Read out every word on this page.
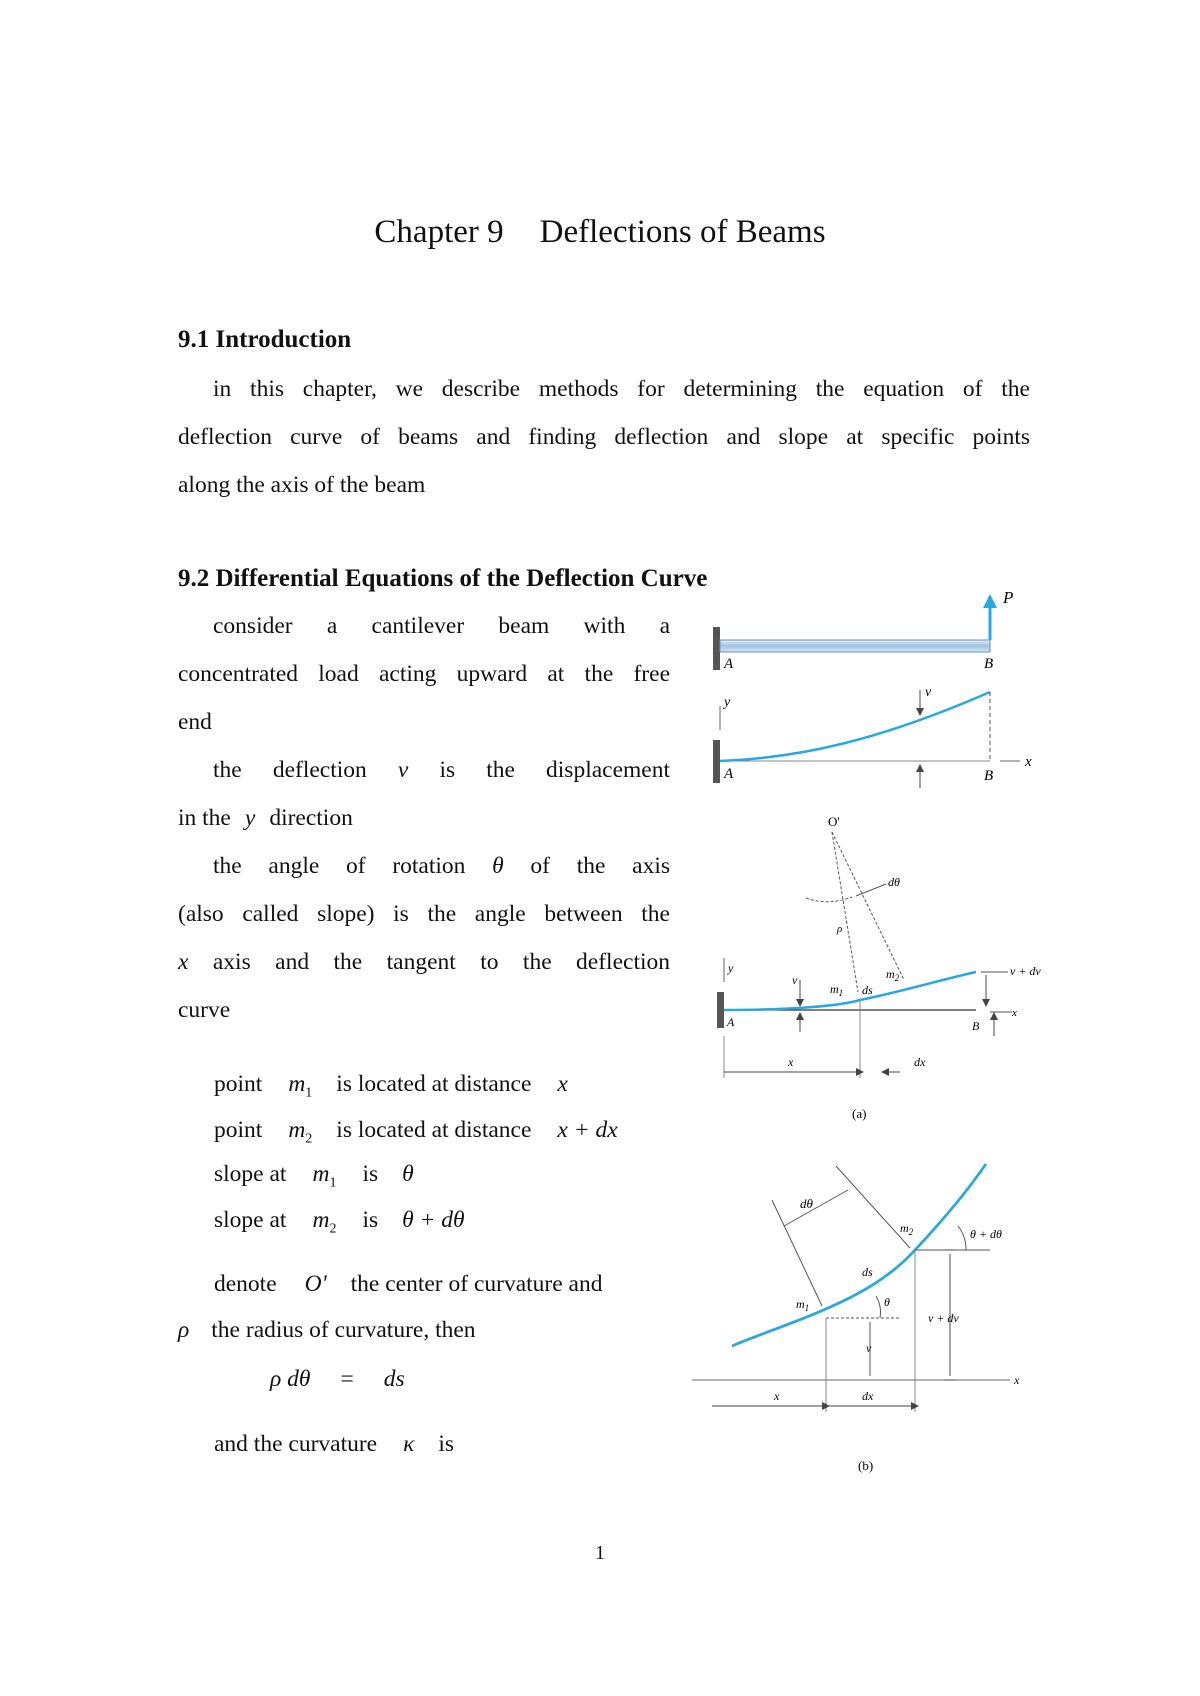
Chapter 9 Deflections of Beams
9.1 Introduction
in this chapter, we describe methods for determining the equation of the
deflection curve of beams and finding deflection and slope at specific points
along the axis of the beam
9.2 Differential Equations of the Deflection Curve
consider a cantilever beam with a
concentrated load acting upward at the free
end
the deflection v is the displacement
in the y direction
the angle of rotation θ of the axis
(also called slope) is the angle between the
x axis and the tangent to the deflection
curve
point $m_1$ is located at distance x
point $m_2$ is located at distance x + dx
slope at $m_1$ is θ
slope at $m_2$ is θ + dθ
denote O' the center of curvature and
ρ the radius of curvature, then
ρ dθ = ds
and the curvature κ is
1
P
A	B
y
x
v
A	B
O'
dθ
ρ
y
v
$m_1$ ds
$m_2$	v + dv
x
A	B
x	dx
(a)
x
dθ
$m_2$	θ + dθ
ds
$m_1$	θ
v
v + dv
x	dx
(b)
